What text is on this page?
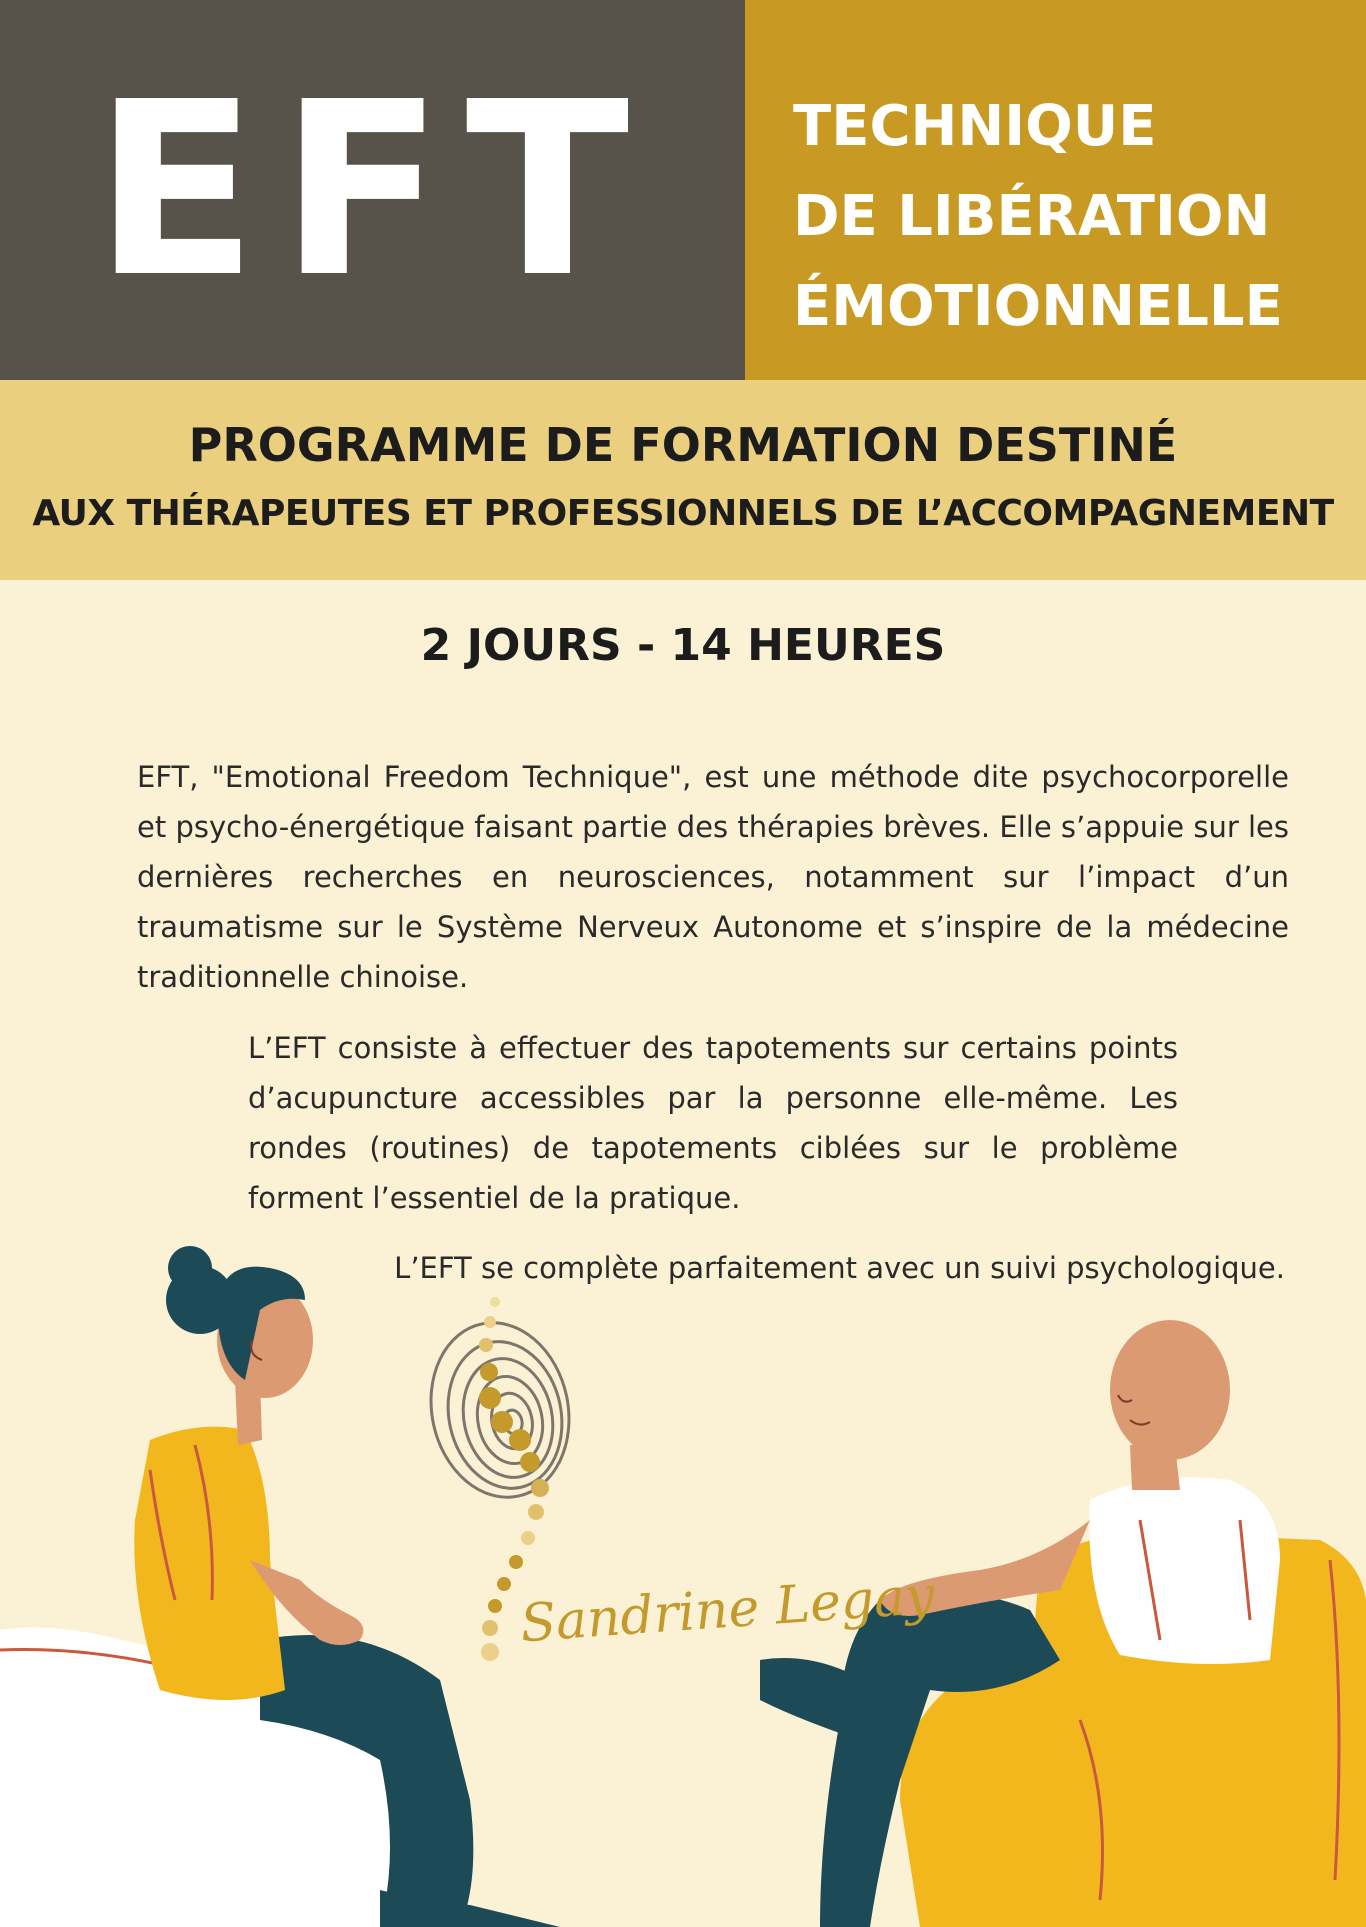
EFT	TECHNIQUE
DE LIBÉRATION
ÉMOTIONNELLE
PROGRAMME DE FORMATION DESTINÉ
AUX THÉRAPEUTES ET PROFESSIONNELS DE L’ACCOMPAGNEMENT
2 JOURS - 14 HEURES
EFT, "Emotional Freedom Technique", est une méthode dite psychocorporelle et psycho-énergétique faisant partie des thérapies brèves. Elle s’appuie sur les dernières recherches en neurosciences, notamment sur l’impact d’un traumatisme sur le Système Nerveux Autonome et s’inspire de la médecine traditionnelle chinoise.
L’EFT consiste à effectuer des tapotements sur certains points d’acupuncture accessibles par la personne elle-même. Les rondes (routines) de tapotements ciblées sur le problème forment l’essentiel de la pratique.
L’EFT se complète parfaitement avec un suivi psychologique.
Sandrine Legay
